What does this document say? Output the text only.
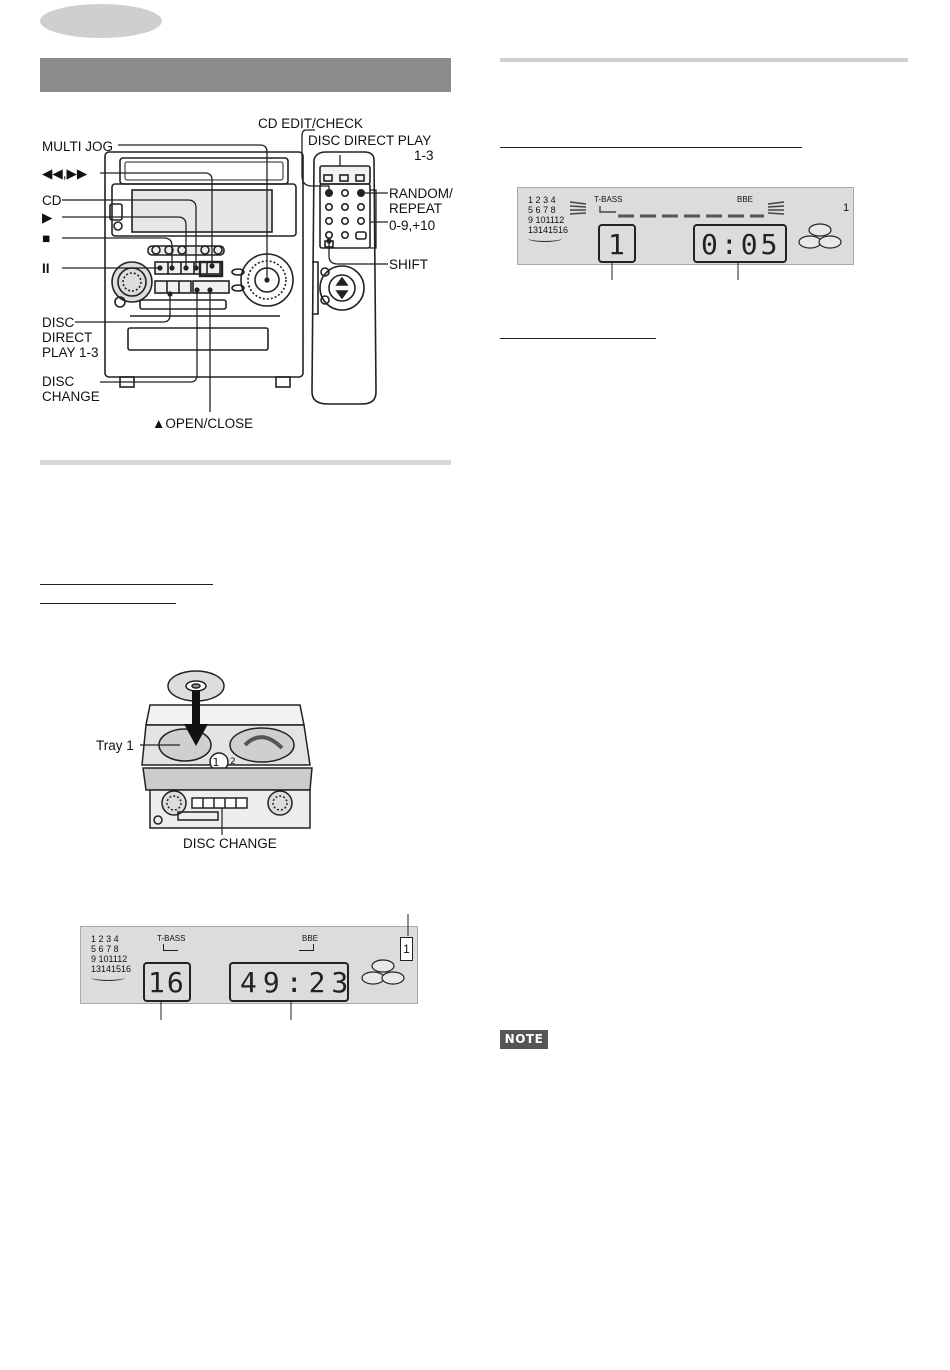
CD EDIT/CHECK
DISC DIRECT PLAY
1-3
MULTI JOG
◀◀,▶▶
CD
▶
■
II
RANDOM/
REPEAT
0-9,+10
SHIFT
DISC
DIRECT
PLAY 1-3
DISC
CHANGE
▲OPEN/CLOSE
1 2
Tray 1
DISC CHANGE
1 2 3 4
5 6 7 8
9 101112
13141516
T-BASS	BBE
16 49:23
1
1 2 3 4
5 6 7 8
9 101112
13141516
T-BASS	BBE
1	0:05
1
NOTE
